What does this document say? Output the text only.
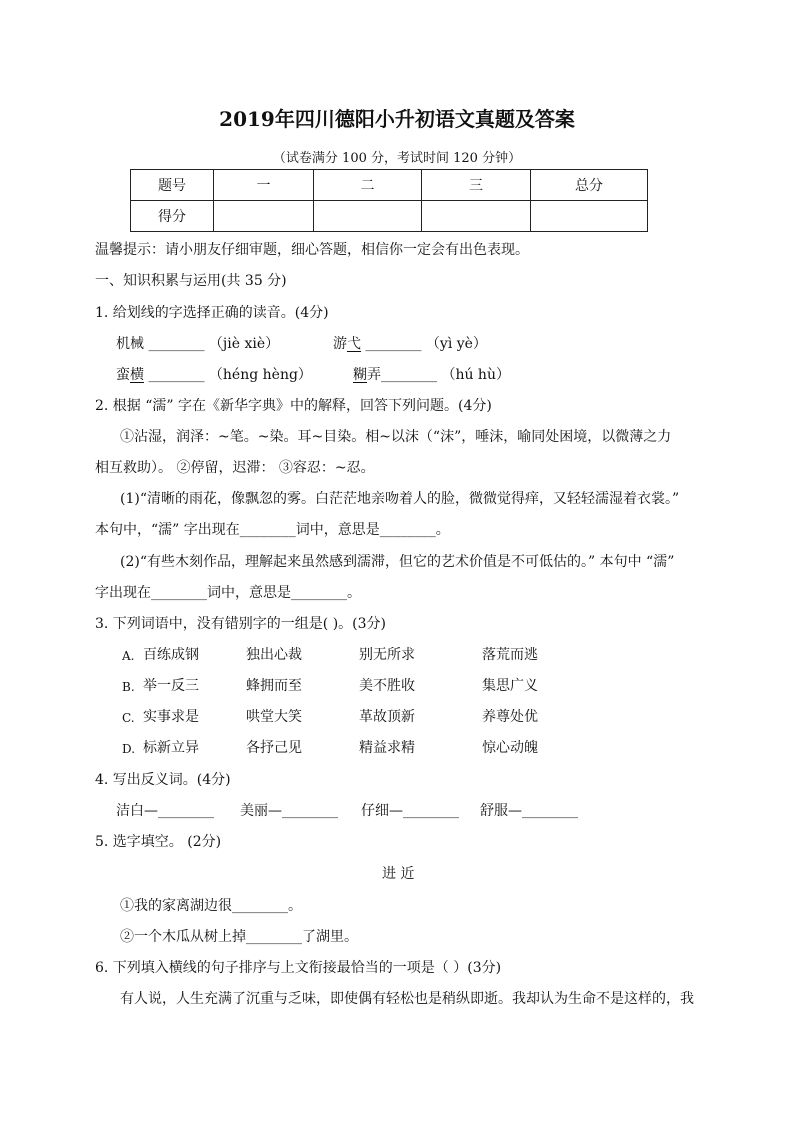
2019年四川德阳小升初语文真题及答案
（试卷满分 100 分，考试时间 120 分钟）
题号	一	二	三	总分
得分				
温馨提示：请小朋友仔细审题，细心答题，相信你一定会有出色表现。
一、知识积累与运用(共 35 分)
1. 给划线的字选择正确的读音。(4分)
机械 ________ （jiè xiè）	游弋 ________ （yì yè）
蛮横 ________ （héng hèng）	糊弄________ （hú hù）
2. 根据 “濡” 字在《新华字典》中的解释，回答下列问题。(4分)
①沾湿，润泽：~笔。~染。耳~目染。相~以沫（“沫”，唾沫，喻同处困境，以微薄之力
相互救助）。 ②停留，迟滞： ③容忍：~忍。
(1)“清晰的雨花，像飘忽的雾。白茫茫地亲吻着人的脸，微微觉得痒，又轻轻濡湿着衣裳。”
本句中，“濡” 字出现在________词中，意思是________。
(2)“有些木刻作品，理解起来虽然感到濡滞，但它的艺术价值是不可低估的。” 本句中 “濡”
字出现在________词中，意思是________。
3. 下列词语中，没有错别字的一组是( )。(3分)
A. 百练成钢	独出心裁	别无所求	落荒而逃
B. 举一反三	蜂拥而至	美不胜收	集思广义
C. 实事求是	哄堂大笑	革故顶新	养尊处优
D. 标新立异	各抒己见	精益求精	惊心动魄
4. 写出反义词。(4分)
洁白—________ 美丽—________ 仔细—________ 舒服—________
5. 选字填空。 (2分)
进 近
①我的家离湖边很________。
②一个木瓜从树上掉________了湖里。
6. 下列填入横线的句子排序与上文衔接最恰当的一项是（ ）(3分)
有人说，人生充满了沉重与乏味，即使偶有轻松也是稍纵即逝。我却认为生命不是这样的，我
